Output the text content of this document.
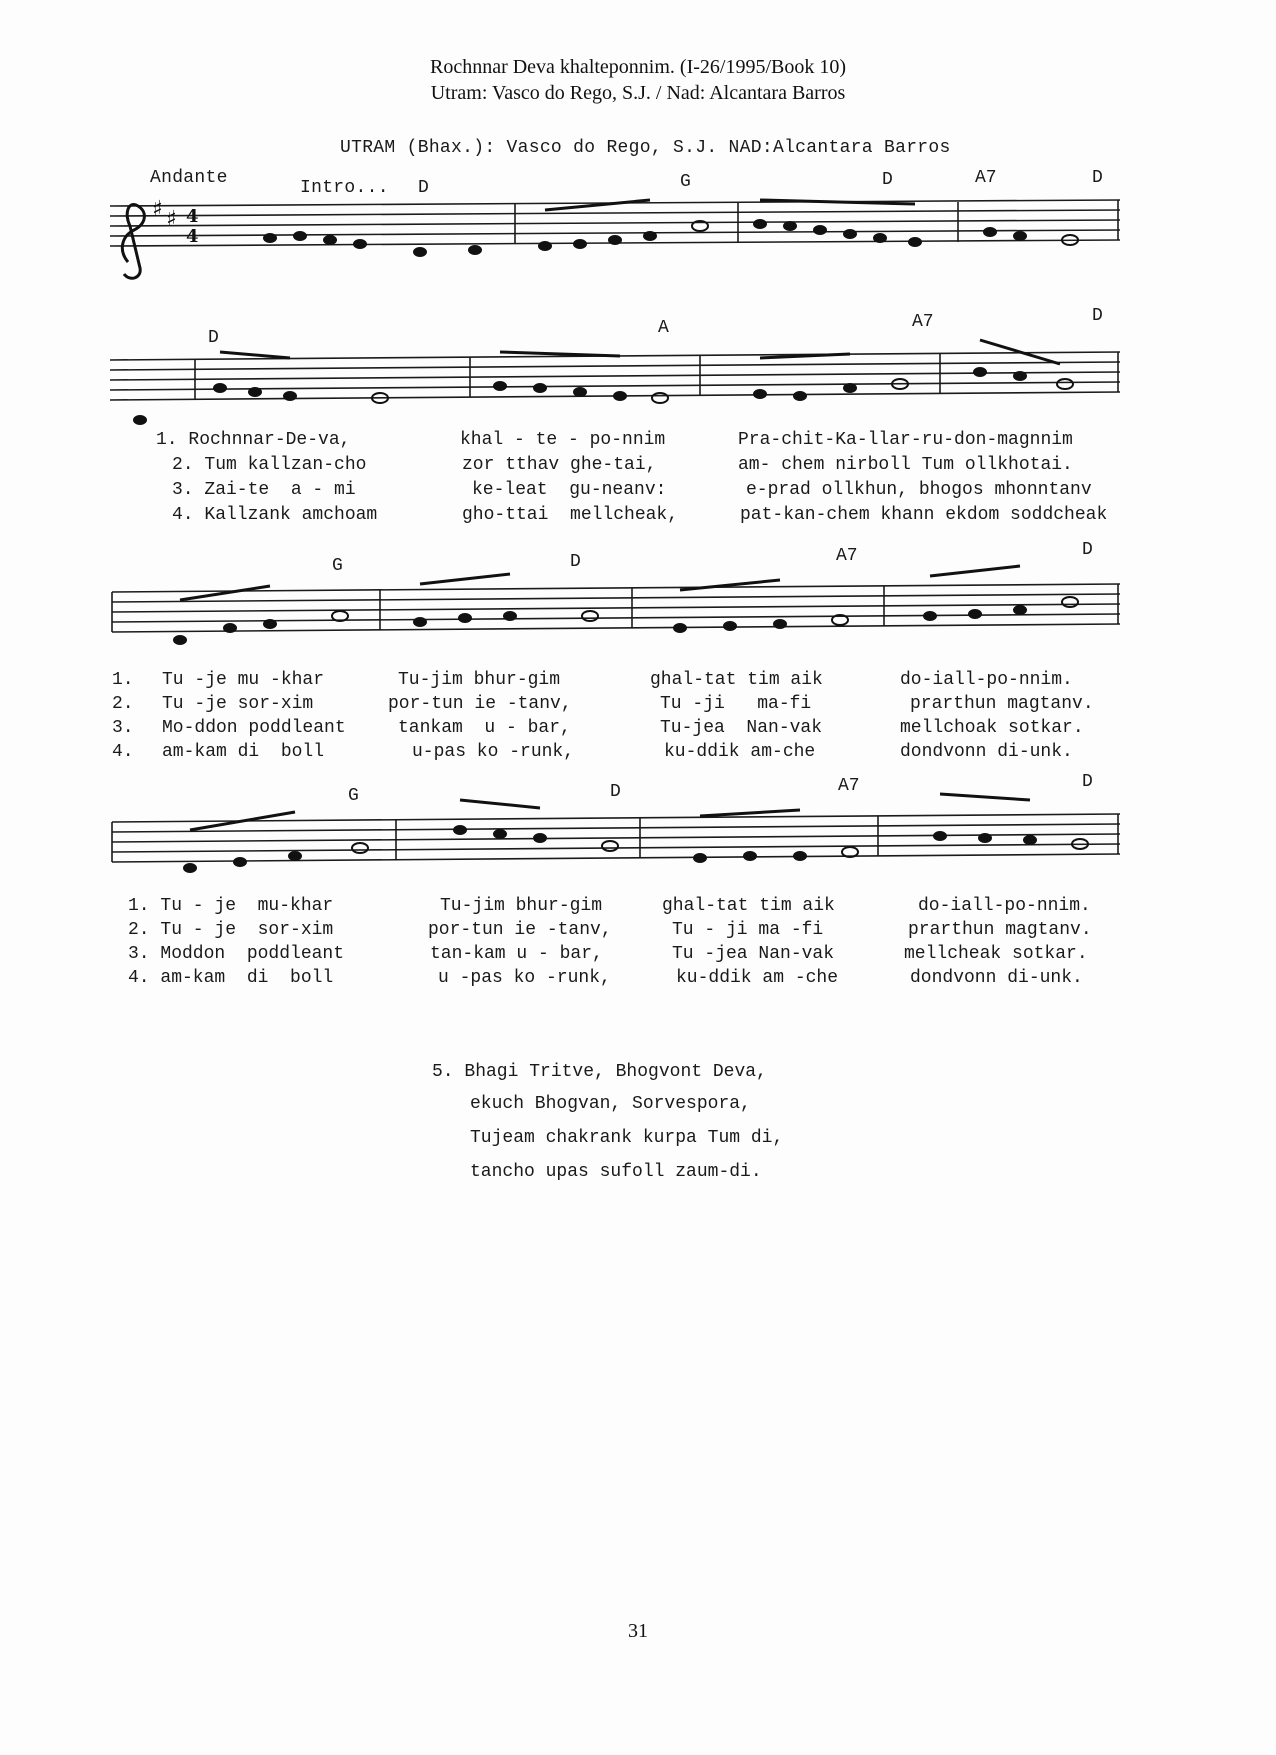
Rochnnar Deva khalteponnim. (I-26/1995/Book 10)
Utram: Vasco do Rego, S.J. / Nad: Alcantara Barros
UTRAM (Bhax.): Vasco do Rego, S.J. NAD:Alcantara Barros
Andante	Intro... D	G	D	A7	D
D	A	A7	D
G	D	A7	D
G	D	A7	D
♯ ♯ 4
4
1. Rochnnar-De-va,	khal - te - po-nnim	Pra-chit-Ka-llar-ru-don-magnnim
2. Tum kallzan-cho	zor tthav ghe-tai,	am- chem nirboll Tum ollkhotai.
3. Zai-te  a - mi	ke-leat  gu-neanv:	e-prad ollkhun, bhogos mhonntanv
4. Kallzank amchoam	gho-ttai  mellcheak,	pat-kan-chem khann ekdom soddcheak
1. Tu -je mu -khar	Tu-jim bhur-gim	ghal-tat tim aik	do-iall-po-nnim.
2. Tu -je sor-xim	por-tun ie -tanv,	Tu -ji   ma-fi	prarthun magtanv.
3. Mo-ddon poddleant	tankam  u - bar,	Tu-jea  Nan-vak	mellchoak sotkar.
4. am-kam di  boll	u-pas ko -runk,	ku-ddik am-che	dondvonn di-unk.
1. Tu - je  mu-khar	Tu-jim bhur-gim	ghal-tat tim aik	do-iall-po-nnim.
2. Tu - je  sor-xim	por-tun ie -tanv,	Tu - ji ma -fi	prarthun magtanv.
3. Moddon  poddleant	tan-kam u - bar,	Tu -jea Nan-vak	mellcheak sotkar.
4. am-kam  di  boll	u -pas ko -runk,	ku-ddik am -che	dondvonn di-unk.
5. Bhagi Tritve, Bhogvont Deva,
ekuch Bhogvan, Sorvespora,
Tujeam chakrank kurpa Tum di,
tancho upas sufoll zaum-di.
31
